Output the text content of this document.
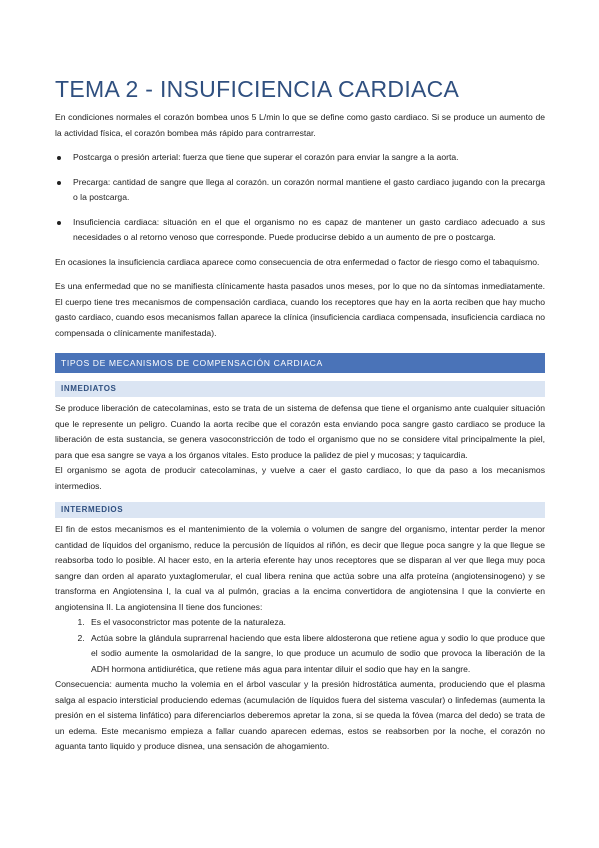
TEMA 2 - INSUFICIENCIA CARDIACA

En condiciones normales el corazón bombea unos 5 L/min lo que se define como gasto cardiaco. Si se produce un aumento de la actividad física, el corazón bombea más rápido para contrarrestar.

Postcarga o presión arterial: fuerza que tiene que superar el corazón para enviar la sangre a la aorta.
Precarga: cantidad de sangre que llega al corazón. un corazón normal mantiene el gasto cardiaco jugando con la precarga o la postcarga.
Insuficiencia cardiaca: situación en el que el organismo no es capaz de mantener un gasto cardiaco adecuado a sus necesidades o al retorno venoso que corresponde. Puede producirse debido a un aumento de pre o postcarga.

En ocasiones la insuficiencia cardiaca aparece como consecuencia de otra enfermedad o factor de riesgo como el tabaquismo.

Es una enfermedad que no se manifiesta clínicamente hasta pasados unos meses, por lo que no da síntomas inmediatamente. El cuerpo tiene tres mecanismos de compensación cardiaca, cuando los receptores que hay en la aorta reciben que hay mucho gasto cardiaco, cuando esos mecanismos fallan aparece la clínica (insuficiencia cardiaca compensada, insuficiencia cardiaca no compensada o clínicamente manifestada).

TIPOS DE MECANISMOS DE COMPENSACIÓN CARDIACA
INMEDIATOS

Se produce liberación de catecolaminas, esto se trata de un sistema de defensa que tiene el organismo ante cualquier situación que le represente un peligro. Cuando la aorta recibe que el corazón esta enviando poca sangre gasto cardiaco se produce la liberación de esta sustancia, se genera vasoconstricción de todo el organismo que no se considere vital principalmente la piel, para que esa sangre se vaya a los órganos vitales. Esto produce la palidez de piel y mucosas; y taquicardia.

El organismo se agota de producir catecolaminas, y vuelve a caer el gasto cardiaco, lo que da paso a los mecanismos intermedios.

INTERMEDIOS

El fin de estos mecanismos es el mantenimiento de la volemia o volumen de sangre del organismo, intentar perder la menor cantidad de líquidos del organismo, reduce la percusión de líquidos al riñón, es decir que llegue poca sangre y la que llegue se reabsorba todo lo posible. Al hacer esto, en la arteria eferente hay unos receptores que se disparan al ver que llega muy poca sangre dan orden al aparato yuxtaglomerular, el cual libera renina que actúa sobre una alfa proteína (angiotensinogeno) y se transforma en Angiotensina I, la cual va al pulmón, gracias a la encima convertidora de angiotensina I que la convierte en angiotensina II. La angiotensina II tiene dos funciones:

1. Es el vasoconstrictor mas potente de la naturaleza.
2. Actúa sobre la glándula suprarrenal haciendo que esta libere aldosterona que retiene agua y sodio lo que produce que el sodio aumente la osmolaridad de la sangre, lo que produce un acumulo de sodio que provoca la liberación de la ADH hormona antidiurética, que retiene más agua para intentar diluir el sodio que hay en la sangre.

Consecuencia: aumenta mucho la volemia en el árbol vascular y la presión hidrostática aumenta, produciendo que el plasma salga al espacio intersticial produciendo edemas (acumulación de líquidos fuera del sistema vascular) o linfedemas (aumenta la presión en el sistema linfático) para diferenciarlos deberemos apretar la zona, si se queda la fóvea (marca del dedo) se trata de un edema. Este mecanismo empieza a fallar cuando aparecen edemas, estos se reabsorben por la noche, el corazón no aguanta tanto liquido y produce disnea, una sensación de ahogamiento.
